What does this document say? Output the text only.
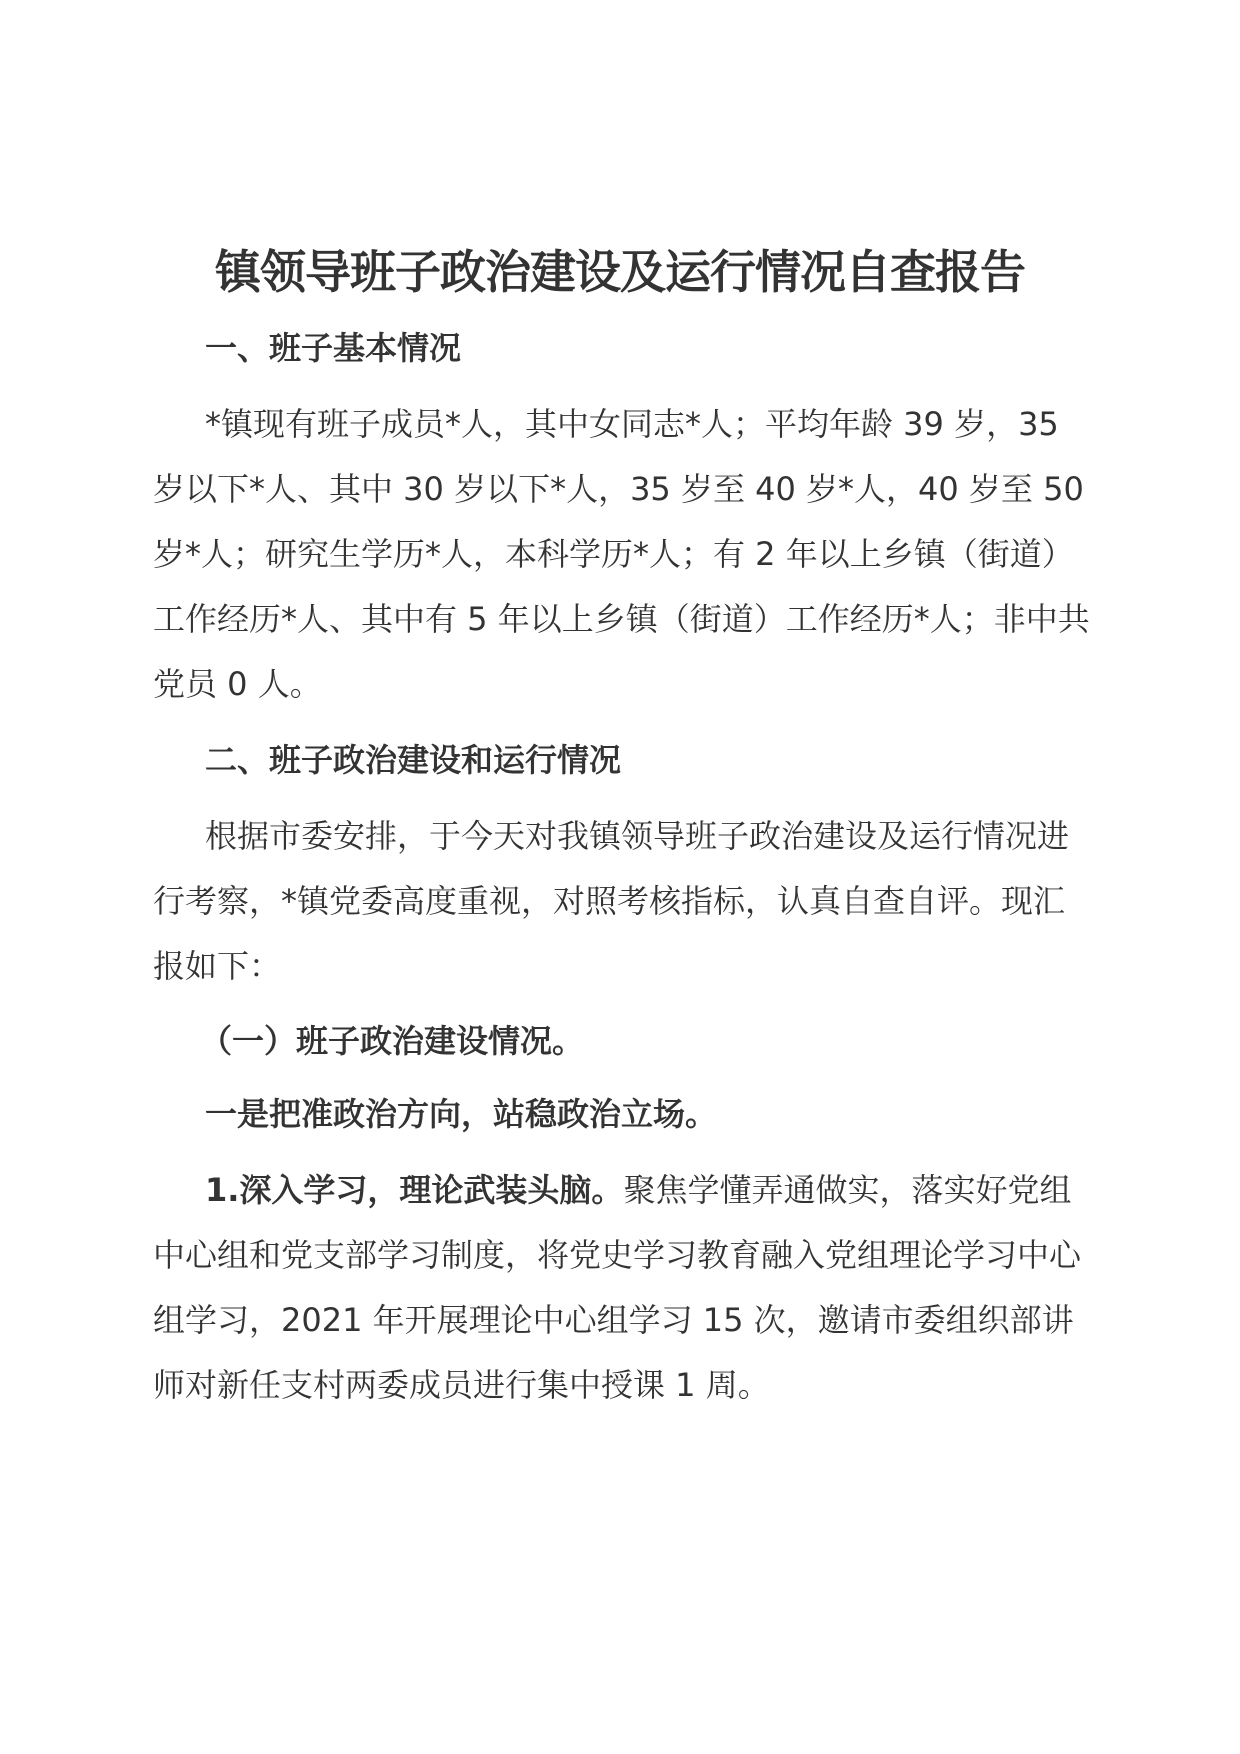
镇领导班子政治建设及运行情况自查报告
一、班子基本情况

*镇现有班子成员*人，其中女同志*人；平均年龄 39 岁，35 岁以下*人、其中 30 岁以下*人，35 岁至 40 岁*人，40 岁至 50 岁*人；研究生学历*人，本科学历*人；有 2 年以上乡镇（街道）工作经历*人、其中有 5 年以上乡镇（街道）工作经历*人；非中共党员 0 人。

二、班子政治建设和运行情况

根据市委安排，于今天对我镇领导班子政治建设及运行情况进行考察，*镇党委高度重视，对照考核指标，认真自查自评。现汇报如下：

（一）班子政治建设情况。
一是把准政治方向，站稳政治立场。

1.深入学习，理论武装头脑。聚焦学懂弄通做实，落实好党组中心组和党支部学习制度，将党史学习教育融入党组理论学习中心组学习，2021 年开展理论中心组学习 15 次，邀请市委组织部讲师对新任支村两委成员进行集中授课 1 周。
